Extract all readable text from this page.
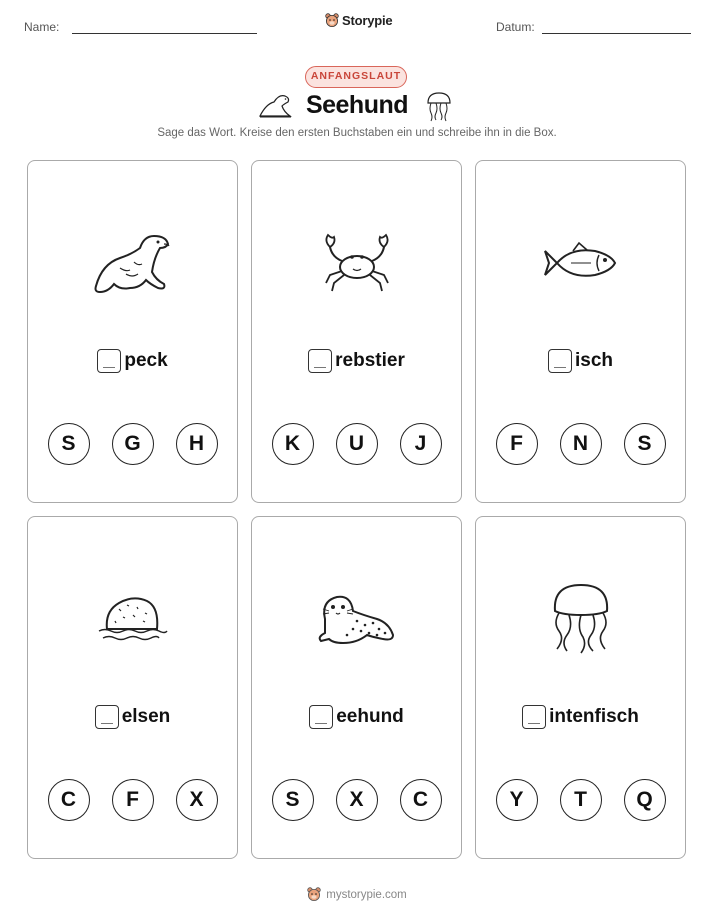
Name:	Storypie	Datum:
ANFANGSLAUT
Seehund
Sage das Wort. Kreise den ersten Buchstaben ein und schreibe ihn in die Box.
peck
S	G	H
rebstier
K	U	J
isch
F	N	S
elsen
C	F	X
eehund
S	X	C
intenfisch
Y	T	Q
mystorypie.com
